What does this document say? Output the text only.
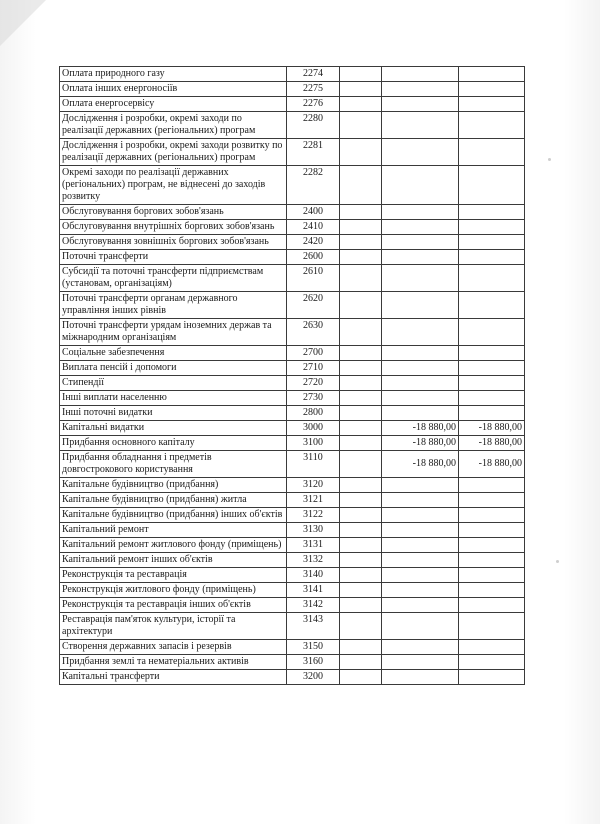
Оплата природного газу	2274			
Оплата інших енергоносіїв	2275			
Оплата енергосервісу	2276			
Дослідження і розробки, окремі заходи по реалізації державних (регіональних) програм	2280			
Дослідження і розробки, окремі заходи розвитку по реалізації державних (регіональних) програм	2281			
Окремі заходи по реалізації державних (регіональних) програм, не віднесені до заходів розвитку	2282			
Обслуговування боргових зобов'язань	2400			
Обслуговування внутрішніх боргових зобов'язань	2410			
Обслуговування зовнішніх боргових зобов'язань	2420			
Поточні трансферти	2600			
Субсидії та поточні трансферти підприємствам (установам, організаціям)	2610			
Поточні трансферти органам державного управління інших рівнів	2620			
Поточні трансферти урядам іноземних держав та міжнародним організаціям	2630			
Соціальне забезпечення	2700			
Виплата пенсій і допомоги	2710			
Стипендії	2720			
Інші виплати населенню	2730			
Інші поточні видатки	2800			
Капітальні видатки	3000		-18 880,00	-18 880,00
Придбання основного капіталу	3100		-18 880,00	-18 880,00
Придбання обладнання і предметів довгострокового користування	3110		-18 880,00	-18 880,00
Капітальне будівництво (придбання)	3120			
Капітальне будівництво (придбання) житла	3121			
Капітальне будівництво (придбання) інших об'єктів	3122			
Капітальний ремонт	3130			
Капітальний ремонт житлового фонду (приміщень)	3131			
Капітальний ремонт інших об'єктів	3132			
Реконструкція та реставрація	3140			
Реконструкція житлового фонду (приміщень)	3141			
Реконструкція та реставрація інших об'єктів	3142			
Реставрація пам'яток культури, історії та архітектури	3143			
Створення державних запасів і резервів	3150			
Придбання землі та нематеріальних активів	3160			
Капітальні трансферти	3200			
